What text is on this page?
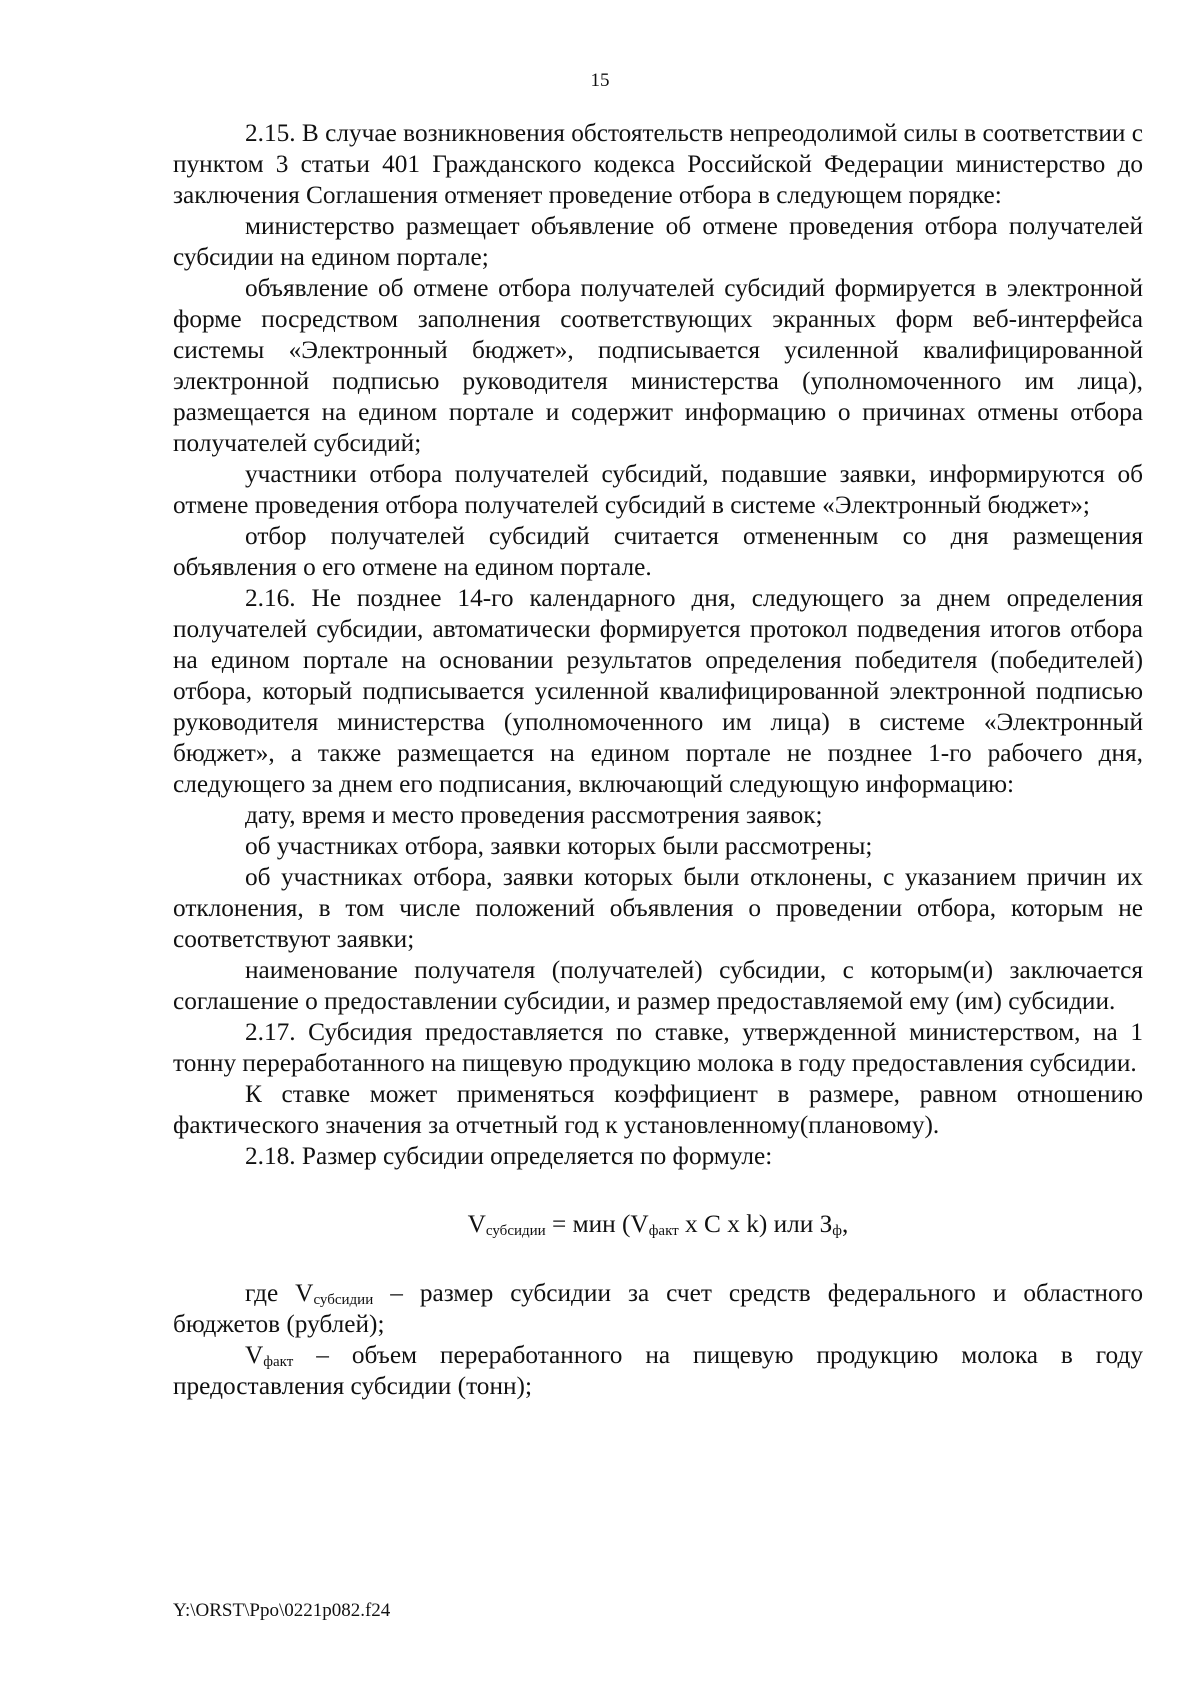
15

2.15. В случае возникновения обстоятельств непреодолимой силы в соответствии с пунктом 3 статьи 401 Гражданского кодекса Российской Федерации министерство до заключения Соглашения отменяет проведение отбора в следующем порядке:

министерство размещает объявление об отмене проведения отбора получателей субсидии на едином портале;

объявление об отмене отбора получателей субсидий формируется в электронной форме посредством заполнения соответствующих экранных форм веб-интерфейса системы «Электронный бюджет», подписывается усиленной квалифицированной электронной подписью руководителя министерства (уполномоченного им лица), размещается на едином портале и содержит информацию о причинах отмены отбора получателей субсидий;

участники отбора получателей субсидий, подавшие заявки, информируются об отмене проведения отбора получателей субсидий в системе «Электронный бюджет»;

отбор получателей субсидий считается отмененным со дня размещения объявления о его отмене на едином портале.

2.16. Не позднее 14-го календарного дня, следующего за днем определения получателей субсидии, автоматически формируется протокол подведения итогов отбора на едином портале на основании результатов определения победителя (победителей) отбора, который подписывается усиленной квалифицированной электронной подписью руководителя министерства (уполномоченного им лица) в системе «Электронный бюджет», а также размещается на едином портале не позднее 1-го рабочего дня, следующего за днем его подписания, включающий следующую информацию:

дату, время и место проведения рассмотрения заявок;

об участниках отбора, заявки которых были рассмотрены;

об участниках отбора, заявки которых были отклонены, с указанием причин их отклонения, в том числе положений объявления о проведении отбора, которым не соответствуют заявки;

наименование получателя (получателей) субсидии, с которым(и) заключается соглашение о предоставлении субсидии, и размер предоставляемой ему (им) субсидии.

2.17. Субсидия предоставляется по ставке, утвержденной министерством, на 1 тонну переработанного на пищевую продукцию молока в году предоставления субсидии.

К ставке может применяться коэффициент в размере, равном отношению фактического значения за отчетный год к установленному(плановому).

2.18. Размер субсидии определяется по формуле:

$V_{субсидии}$ = мин ($V_{факт}$ x С x k) или $З_ф$,

где $V_{субсидии}$ – размер субсидии за счет средств федерального и областного бюджетов (рублей);

$V_{факт}$ – объем переработанного на пищевую продукцию молока в году предоставления субсидии (тонн);

Y:\ORST\Рро\0221р082.f24
